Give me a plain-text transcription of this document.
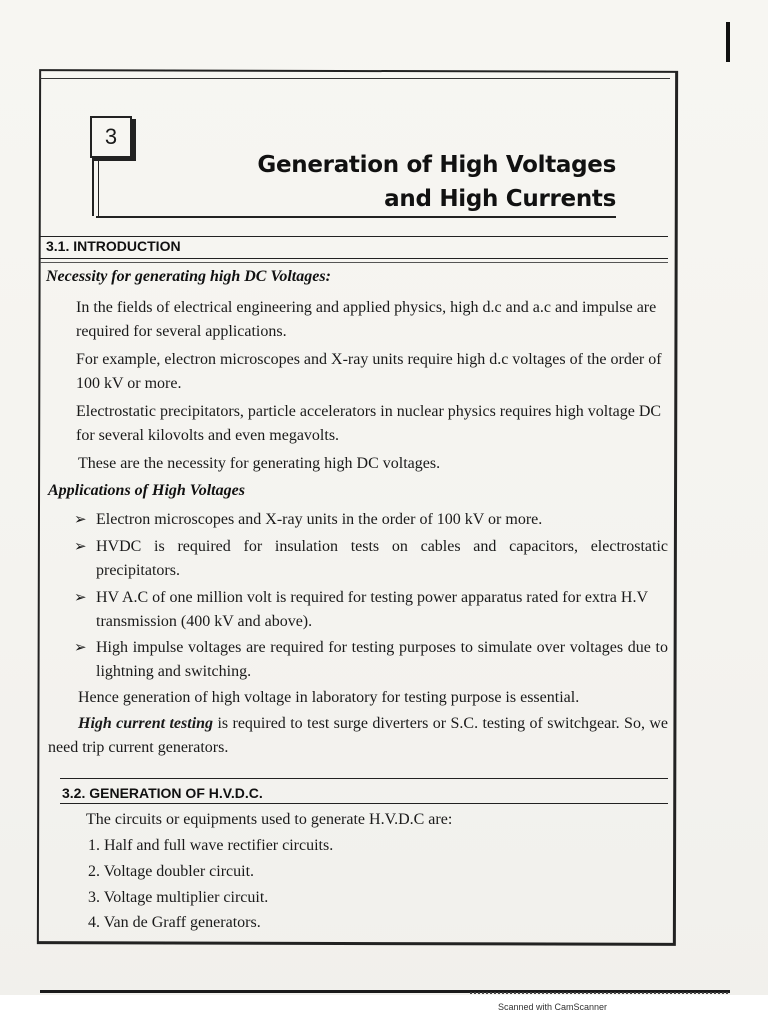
3
Generation of High Voltages
and High Currents
3.1. INTRODUCTION
Necessity for generating high DC Voltages:
In the fields of electrical engineering and applied physics, high d.c and a.c and impulse are required for several applications.
For example, electron microscopes and X-ray units require high d.c voltages of the order of 100 kV or more.
Electrostatic precipitators, particle accelerators in nuclear physics requires high voltage DC for several kilovolts and even megavolts.
These are the necessity for generating high DC voltages.
Applications of High Voltages
➢ Electron microscopes and X-ray units in the order of 100 kV or more.
➢ HVDC is required for insulation tests on cables and capacitors, electrostatic precipitators.
➢ HV A.C of one million volt is required for testing power apparatus rated for extra H.V transmission (400 kV and above).
➢ High impulse voltages are required for testing purposes to simulate over voltages due to lightning and switching.
Hence generation of high voltage in laboratory for testing purpose is essential.
High current testing is required to test surge diverters or S.C. testing of switchgear. So, we need trip current generators.
3.2. GENERATION OF H.V.D.C.
The circuits or equipments used to generate H.V.D.C are:
1. Half and full wave rectifier circuits.
2. Voltage doubler circuit.
3. Voltage multiplier circuit.
4. Van de Graff generators.
Scanned with CamScanner
